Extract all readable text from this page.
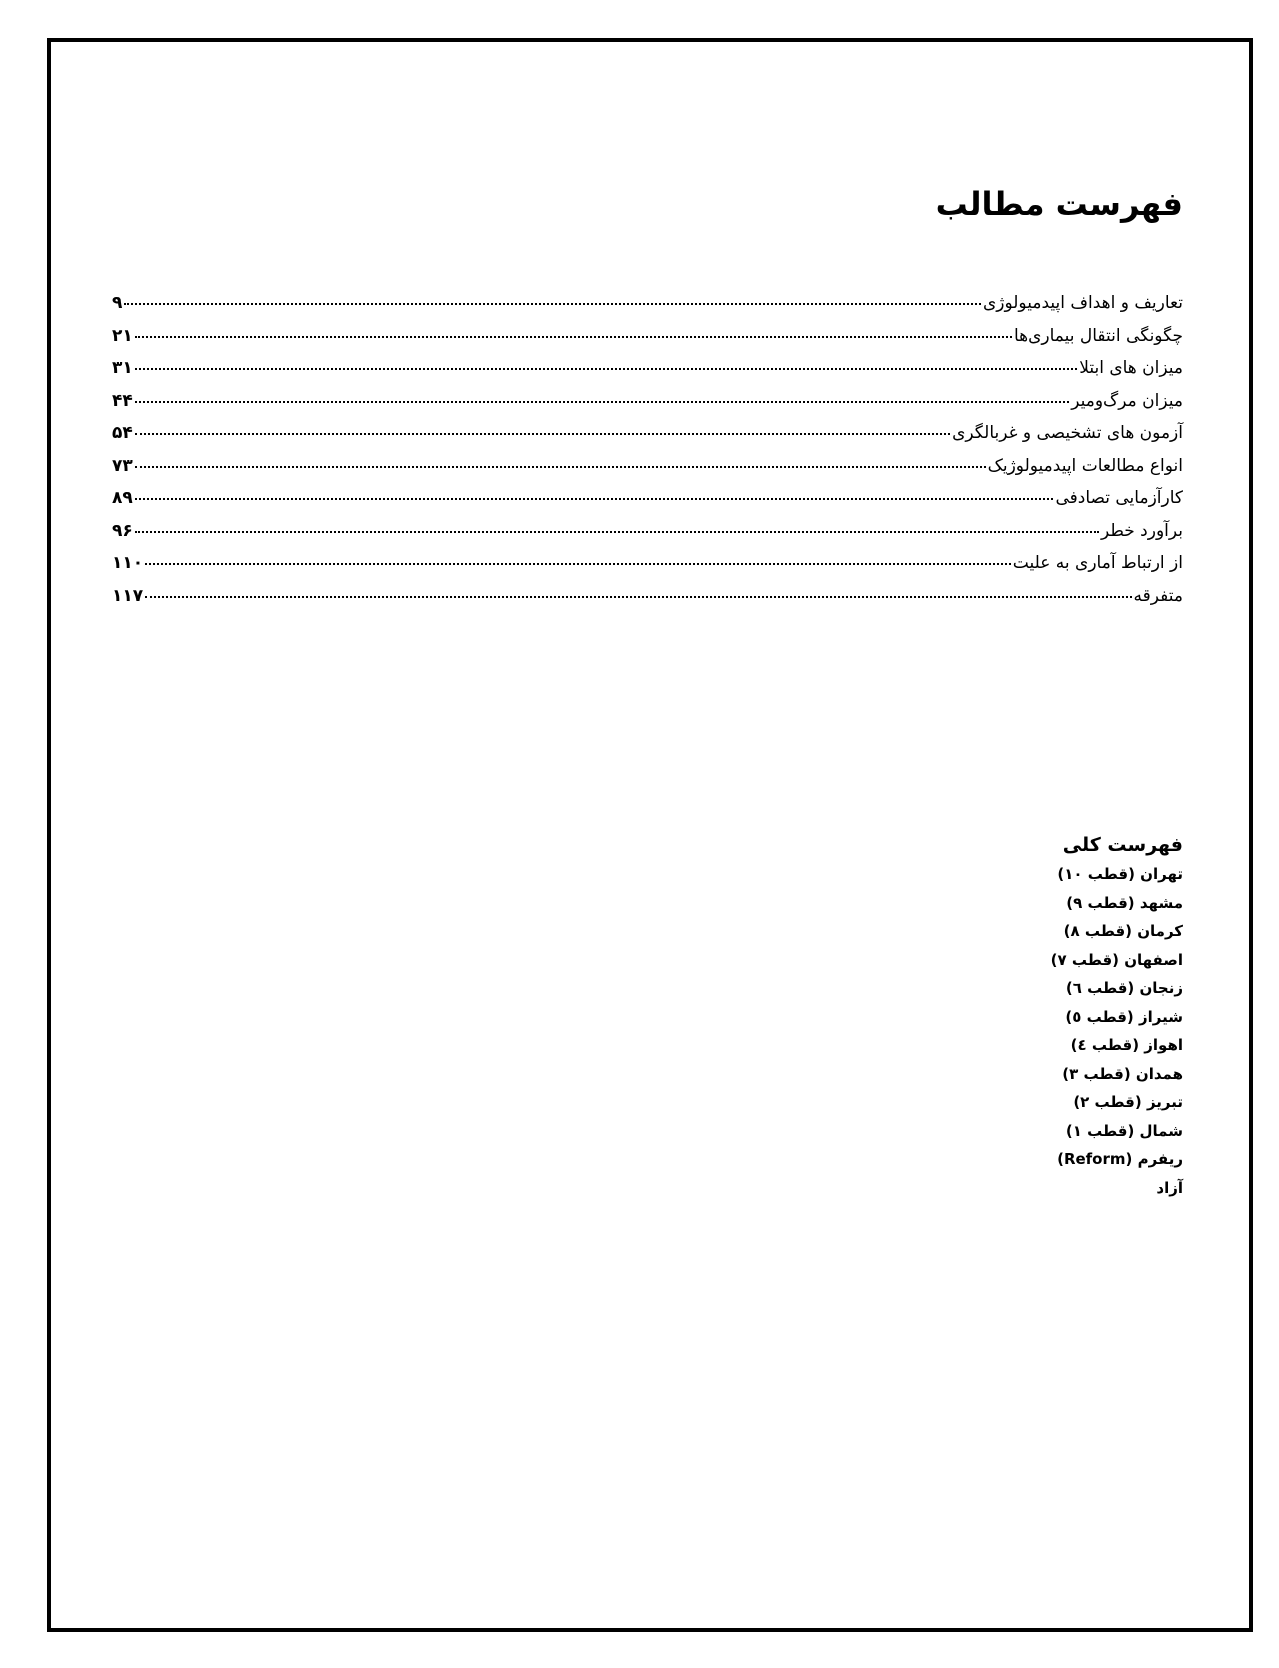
فهرست مطالب
تعاریف و اهداف اپیدمیولوژی
۹
چگونگی انتقال بیماری‌ها
۲۱
میزان های ابتلا
۳۱
میزان مرگ‌ومیر
۴۴
آزمون های تشخیصی و غربالگری
۵۴
انواع مطالعات اپیدمیولوژیک
۷۳
کارآزمایی تصادفی
۸۹
برآورد خطر
۹۶
از ارتباط آماری به علیت
۱۱۰
متفرقه
۱۱۷
فهرست کلی
تهران (قطب ۱۰)
مشهد (قطب ۹)
کرمان (قطب ۸)
اصفهان (قطب ۷)
زنجان (قطب ٦)
شیراز (قطب ٥)
اهواز (قطب ٤)
همدان (قطب ۳)
تبریز (قطب ۲)
شمال (قطب ۱)
ریفرم (Reform)
آزاد
